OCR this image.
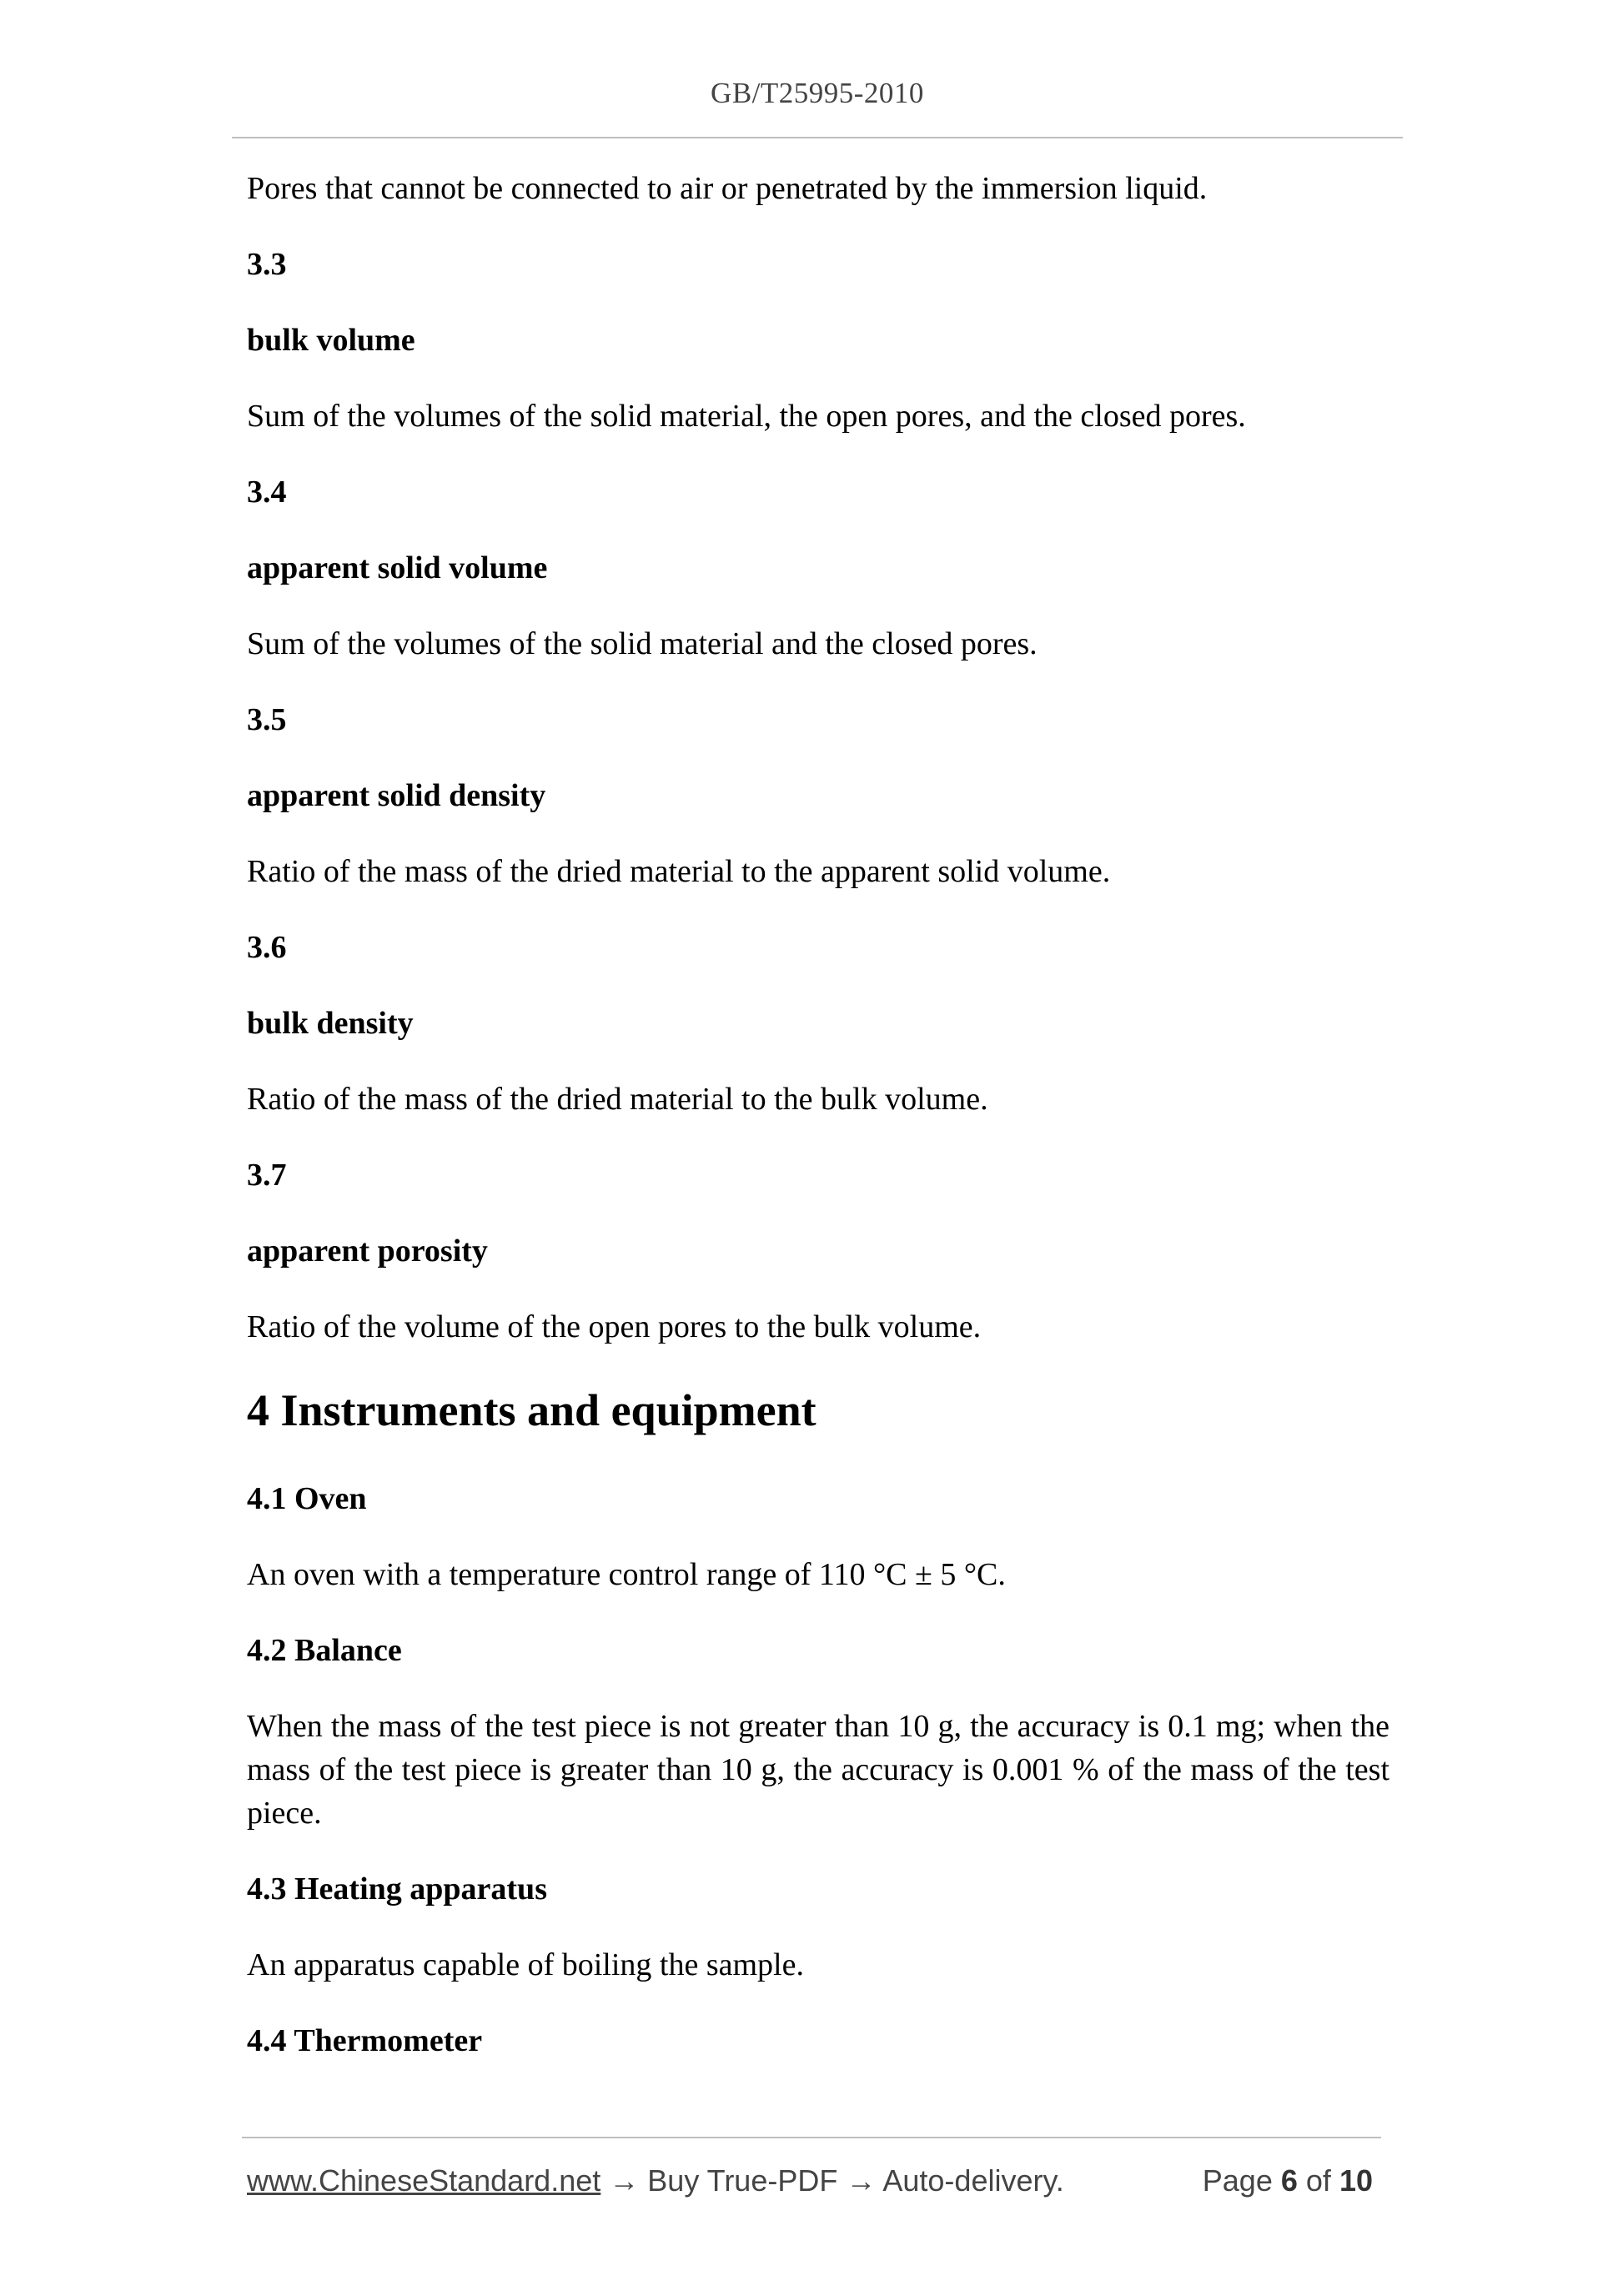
GB/T25995-2010

Pores that cannot be connected to air or penetrated by the immersion liquid.

3.3
bulk volume

Sum of the volumes of the solid material, the open pores, and the closed pores.

3.4
apparent solid volume

Sum of the volumes of the solid material and the closed pores.

3.5
apparent solid density

Ratio of the mass of the dried material to the apparent solid volume.

3.6
bulk density

Ratio of the mass of the dried material to the bulk volume.

3.7
apparent porosity

Ratio of the volume of the open pores to the bulk volume.

4 Instruments and equipment
4.1 Oven

An oven with a temperature control range of 110 °C ± 5 °C.

4.2 Balance

When the mass of the test piece is not greater than 10 g, the accuracy is 0.1 mg; when the mass of the test piece is greater than 10 g, the accuracy is 0.001 % of the mass of the test piece.

4.3 Heating apparatus

An apparatus capable of boiling the sample.

4.4 Thermometer
www.ChineseStandard.net → Buy True-PDF → Auto-delivery.	Page 6 of 10
